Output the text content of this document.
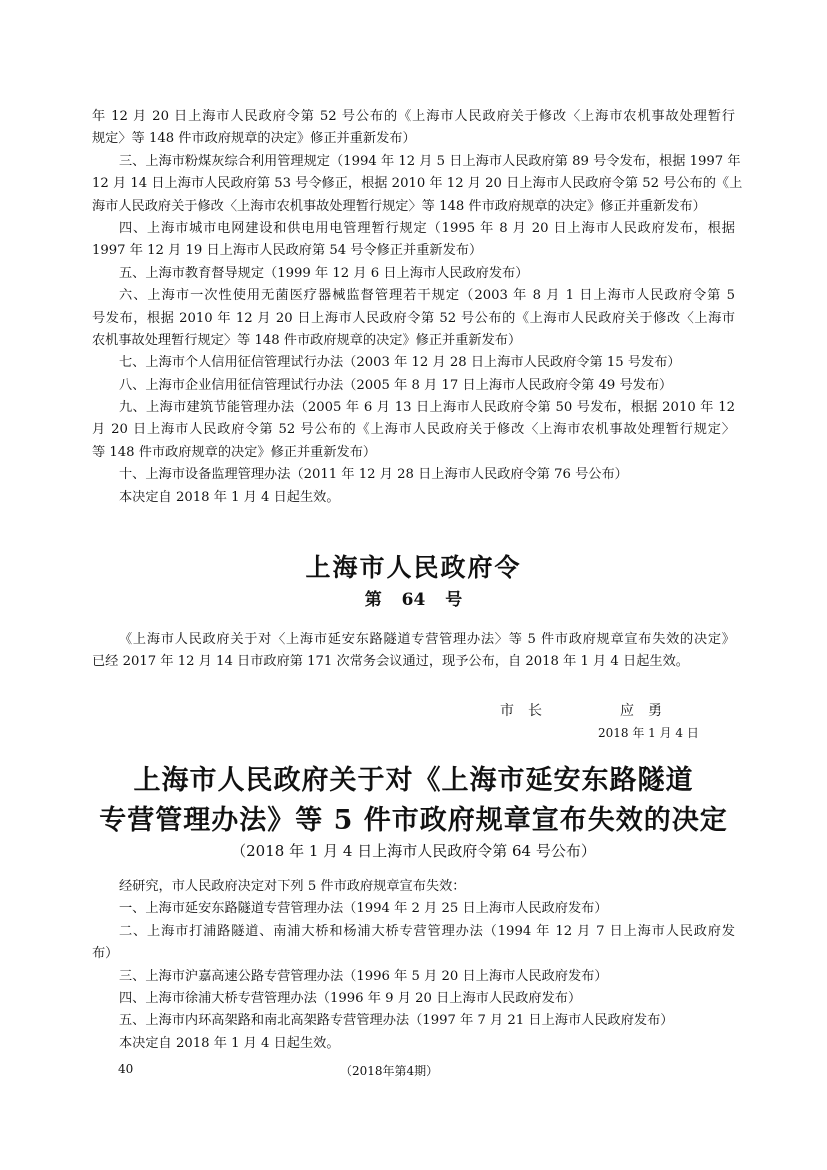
年 12 月 20 日上海市人民政府令第 52 号公布的《上海市人民政府关于修改〈上海市农机事故处理暂行
规定〉等 148 件市政府规章的决定》修正并重新发布）
三、上海市粉煤灰综合利用管理规定（1994 年 12 月 5 日上海市人民政府第 89 号令发布，根据 1997 年
12 月 14 日上海市人民政府第 53 号令修正，根据 2010 年 12 月 20 日上海市人民政府令第 52 号公布的《上
海市人民政府关于修改〈上海市农机事故处理暂行规定〉等 148 件市政府规章的决定》修正并重新发布）
四、上海市城市电网建设和供电用电管理暂行规定（1995 年 8 月 20 日上海市人民政府发布，根据
1997 年 12 月 19 日上海市人民政府第 54 号令修正并重新发布）
五、上海市教育督导规定（1999 年 12 月 6 日上海市人民政府发布）
六、上海市一次性使用无菌医疗器械监督管理若干规定（2003 年 8 月 1 日上海市人民政府令第 5
号发布，根据 2010 年 12 月 20 日上海市人民政府令第 52 号公布的《上海市人民政府关于修改〈上海市
农机事故处理暂行规定〉等 148 件市政府规章的决定》修正并重新发布）
七、上海市个人信用征信管理试行办法（2003 年 12 月 28 日上海市人民政府令第 15 号发布）
八、上海市企业信用征信管理试行办法（2005 年 8 月 17 日上海市人民政府令第 49 号发布）
九、上海市建筑节能管理办法（2005 年 6 月 13 日上海市人民政府令第 50 号发布，根据 2010 年 12
月 20 日上海市人民政府令第 52 号公布的《上海市人民政府关于修改〈上海市农机事故处理暂行规定〉
等 148 件市政府规章的决定》修正并重新发布）
十、上海市设备监理管理办法（2011 年 12 月 28 日上海市人民政府令第 76 号公布）
本决定自 2018 年 1 月 4 日起生效。
上海市人民政府令
第 64 号
《上海市人民政府关于对〈上海市延安东路隧道专营管理办法〉等 5 件市政府规章宣布失效的决定》
已经 2017 年 12 月 14 日市政府第 171 次常务会议通过，现予公布，自 2018 年 1 月 4 日起生效。
市　长	应　勇
2018 年 1 月 4 日
上海市人民政府关于对《上海市延安东路隧道
专营管理办法》等 5 件市政府规章宣布失效的决定
（2018 年 1 月 4 日上海市人民政府令第 64 号公布）
经研究，市人民政府决定对下列 5 件市政府规章宣布失效：
一、上海市延安东路隧道专营管理办法（1994 年 2 月 25 日上海市人民政府发布）
二、上海市打浦路隧道、南浦大桥和杨浦大桥专营管理办法（1994 年 12 月 7 日上海市人民政府发
布）
三、上海市沪嘉高速公路专营管理办法（1996 年 5 月 20 日上海市人民政府发布）
四、上海市徐浦大桥专营管理办法（1996 年 9 月 20 日上海市人民政府发布）
五、上海市内环高架路和南北高架路专营管理办法（1997 年 7 月 21 日上海市人民政府发布）
本决定自 2018 年 1 月 4 日起生效。
40	（2018年第4期）
